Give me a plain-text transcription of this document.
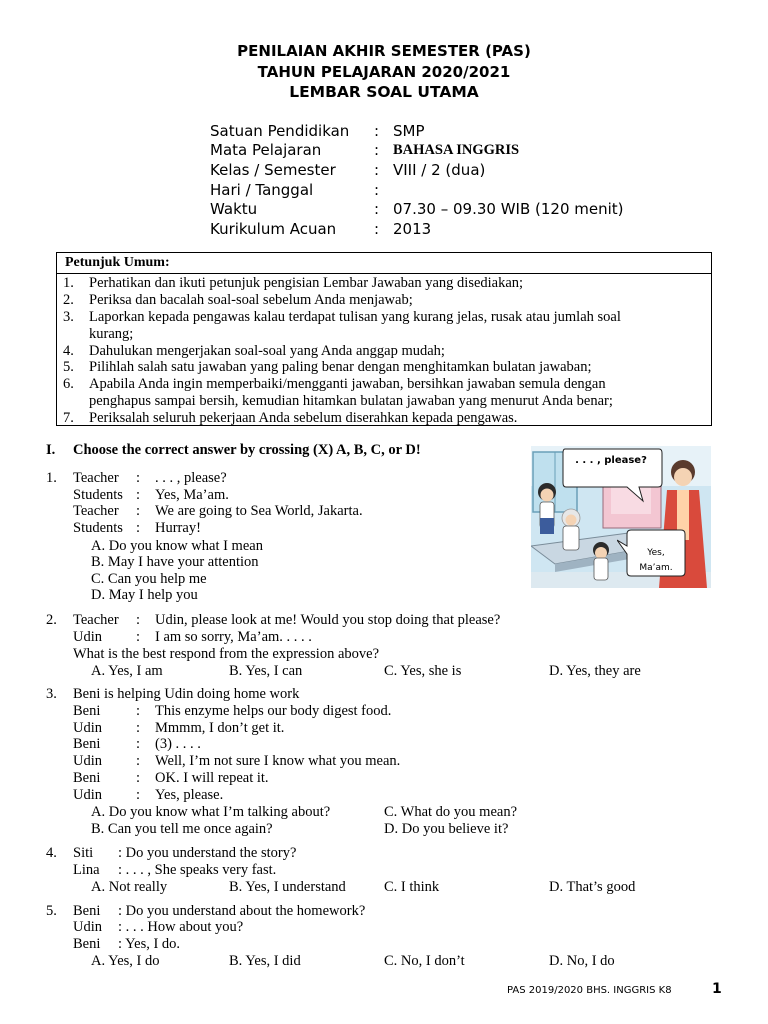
PENILAIAN AKHIR SEMESTER (PAS)
TAHUN PELAJARAN 2020/2021
LEMBAR SOAL UTAMA
Satuan Pendidikan : SMP
Mata Pelajaran	: BAHASA INGGRIS
Kelas / Semester	: VIII / 2 (dua)
Hari / Tanggal	:
Waktu	: 07.30 – 09.30 WIB (120 menit)
Kurikulum Acuan	: 2013
Petunjuk Umum:
1. Perhatikan dan ikuti petunjuk pengisian Lembar Jawaban yang disediakan;
2. Periksa dan bacalah soal-soal sebelum Anda menjawab;
3. Laporkan kepada pengawas kalau terdapat tulisan yang kurang jelas, rusak atau jumlah soal
kurang;
4. Dahulukan mengerjakan soal-soal yang Anda anggap mudah;
5. Pilihlah salah satu jawaban yang paling benar dengan menghitamkan bulatan jawaban;
6. Apabila Anda ingin memperbaiki/mengganti jawaban, bersihkan jawaban semula dengan
penghapus sampai bersih, kemudian hitamkan bulatan jawaban yang menurut Anda benar;
7. Periksalah seluruh pekerjaan Anda sebelum diserahkan kepada pengawas.
I. Choose the correct answer by crossing (X) A, B, C, or D!
. . . , please?
Yes,
Ma’am.
1. Teacher : . . . , please?
Students : Yes, Ma’am.
Teacher : We are going to Sea World, Jakarta.
Students : Hurray!
A. Do you know what I mean
B. May I have your attention
C. Can you help me
D. May I help you
2. Teacher : Udin, please look at me! Would you stop doing that please?
Udin : I am so sorry, Ma’am. . . . .
What is the best respond from the expression above?
A. Yes, I am	B. Yes, I can	C. Yes, she is	D. Yes, they are
3. Beni is helping Udin doing home work
Beni : This enzyme helps our body digest food.
Udin : Mmmm, I don’t get it.
Beni : (3) . . . .
Udin : Well, I’m not sure I know what you mean.
Beni : OK. I will repeat it.
Udin : Yes, please.
A. Do you know what I’m talking about?
B. Can you tell me once again?
C. What do you mean?
D. Do you believe it?
4. Siti : Do you understand the story?
Lina : . . . , She speaks very fast.
A. Not really	B. Yes, I understand	C. I think	D. That’s good
5. Beni : Do you understand about the homework?
Udin : . . . How about you?
Beni : Yes, I do.
A. Yes, I do	B. Yes, I did	C. No, I don’t	D. No, I do
PAS 2019/2020 BHS. INGGRIS K8	1
